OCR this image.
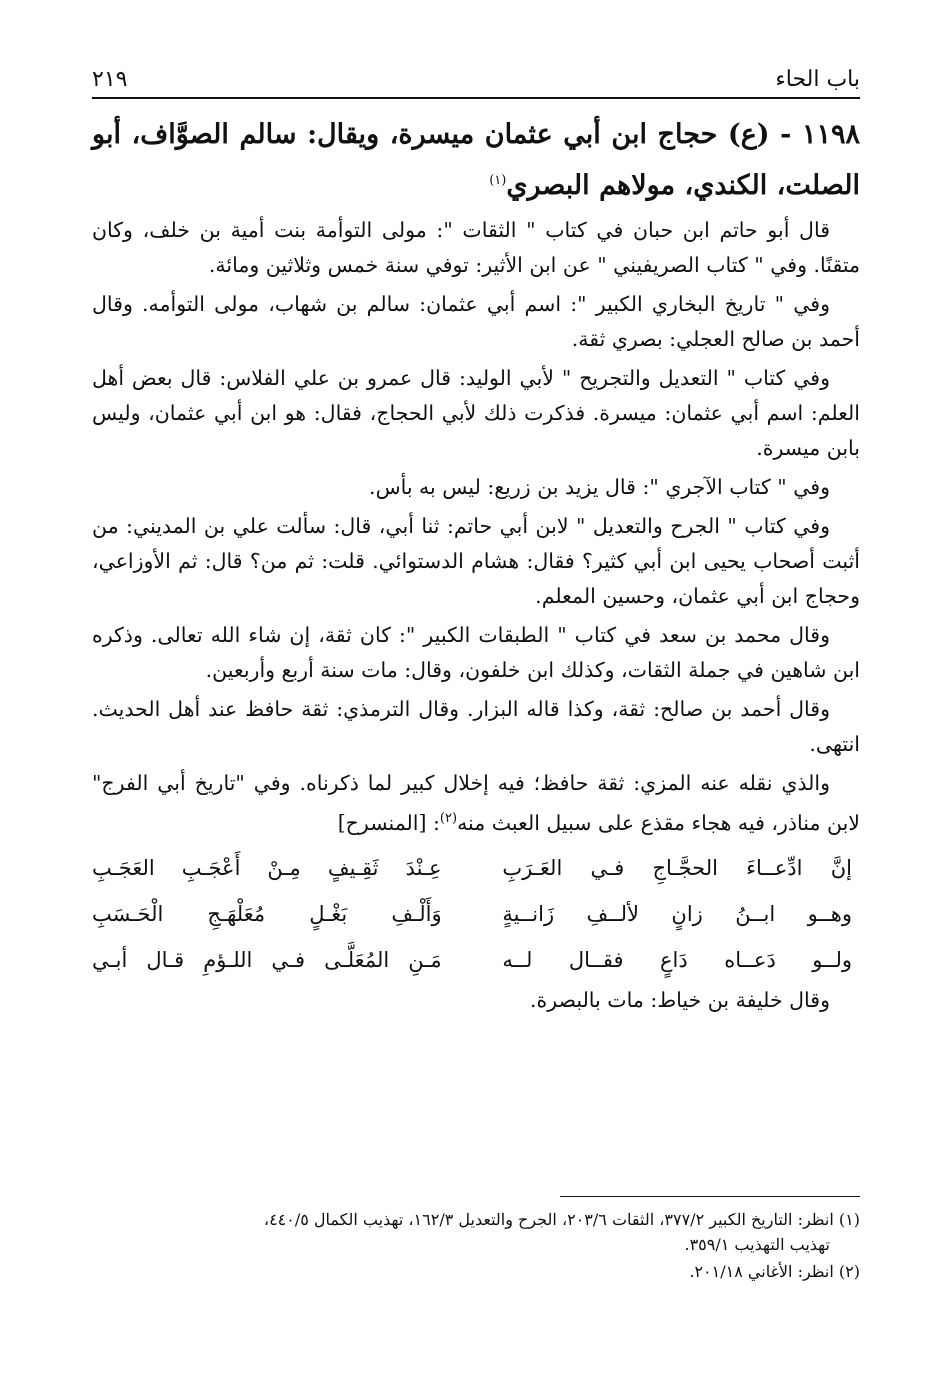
باب الحاء
٢١٩
١١٩٨ - (ع) حجاج ابن أبي عثمان ميسرة، ويقال: سالم الصوَّاف، أبو الصلت، الكندي، مولاهم البصري$^{(١)}$

قال أبو حاتم ابن حبان في كتاب " الثقات ": مولى التوأمة بنت أمية بن خلف، وكان متقنًا. وفي " كتاب الصريفيني " عن ابن الأثير: توفي سنة خمس وثلاثين ومائة.

وفي " تاريخ البخاري الكبير ": اسم أبي عثمان: سالم بن شهاب، مولى التوأمه. وقال أحمد بن صالح العجلي: بصري ثقة.

وفي كتاب " التعديل والتجريح " لأبي الوليد: قال عمرو بن علي الفلاس: قال بعض أهل العلم: اسم أبي عثمان: ميسرة. فذكرت ذلك لأبي الحجاج، فقال: هو ابن أبي عثمان، وليس بابن ميسرة.

وفي " كتاب الآجري ": قال يزيد بن زريع: ليس به بأس.

وفي كتاب " الجرح والتعديل " لابن أبي حاتم: ثنا أبي، قال: سألت علي بن المديني: من أثبت أصحاب يحيى ابن أبي كثير؟ فقال: هشام الدستوائي. قلت: ثم من؟ قال: ثم الأوزاعي، وحجاج ابن أبي عثمان، وحسين المعلم.

وقال محمد بن سعد في كتاب " الطبقات الكبير ": كان ثقة، إن شاء الله تعالى. وذكره ابن شاهين في جملة الثقات، وكذلك ابن خلفون، وقال: مات سنة أربع وأربعين.

وقال أحمد بن صالح: ثقة، وكذا قاله البزار. وقال الترمذي: ثقة حافظ عند أهل الحديث. انتهى.

والذي نقله عنه المزي: ثقة حافظ؛ فيه إخلال كبير لما ذكرناه. وفي "تاريخ أبي الفرج" لابن مناذر، فيه هجاء مقذع على سبيل العبث منه$^{(٢)}$: [المنسرح]

إنَّ ادِّعــاءَ الحجَّـاجِ فـي العَـرَبِ
عِـنْدَ ثَقِـيفٍ مِـنْ أَعْجَـبِ العَجَـبِ
وهــو ابــنُ زانٍ لألــفِ زَانــيةٍ
وَأَلْـفِ بَغْـلٍ مُعَلْهَـجِ الْحَـسَبِ
ولــو دَعــاه دَاعٍ فقــال لــه
مَـنِ المُعَلَّـى فـي اللـؤمِ قـال أبـي

وقال خليفة بن خياط: مات بالبصرة.

(١) انظر: التاريخ الكبير ٣٧٧/٢، الثقات ٢٠٣/٦، الجرح والتعديل ١٦٢/٣، تهذيب الكمال ٤٤٠/٥،
تهذيب التهذيب ٣٥٩/١.
(٢) انظر: الأغاني ٢٠١/١٨.
